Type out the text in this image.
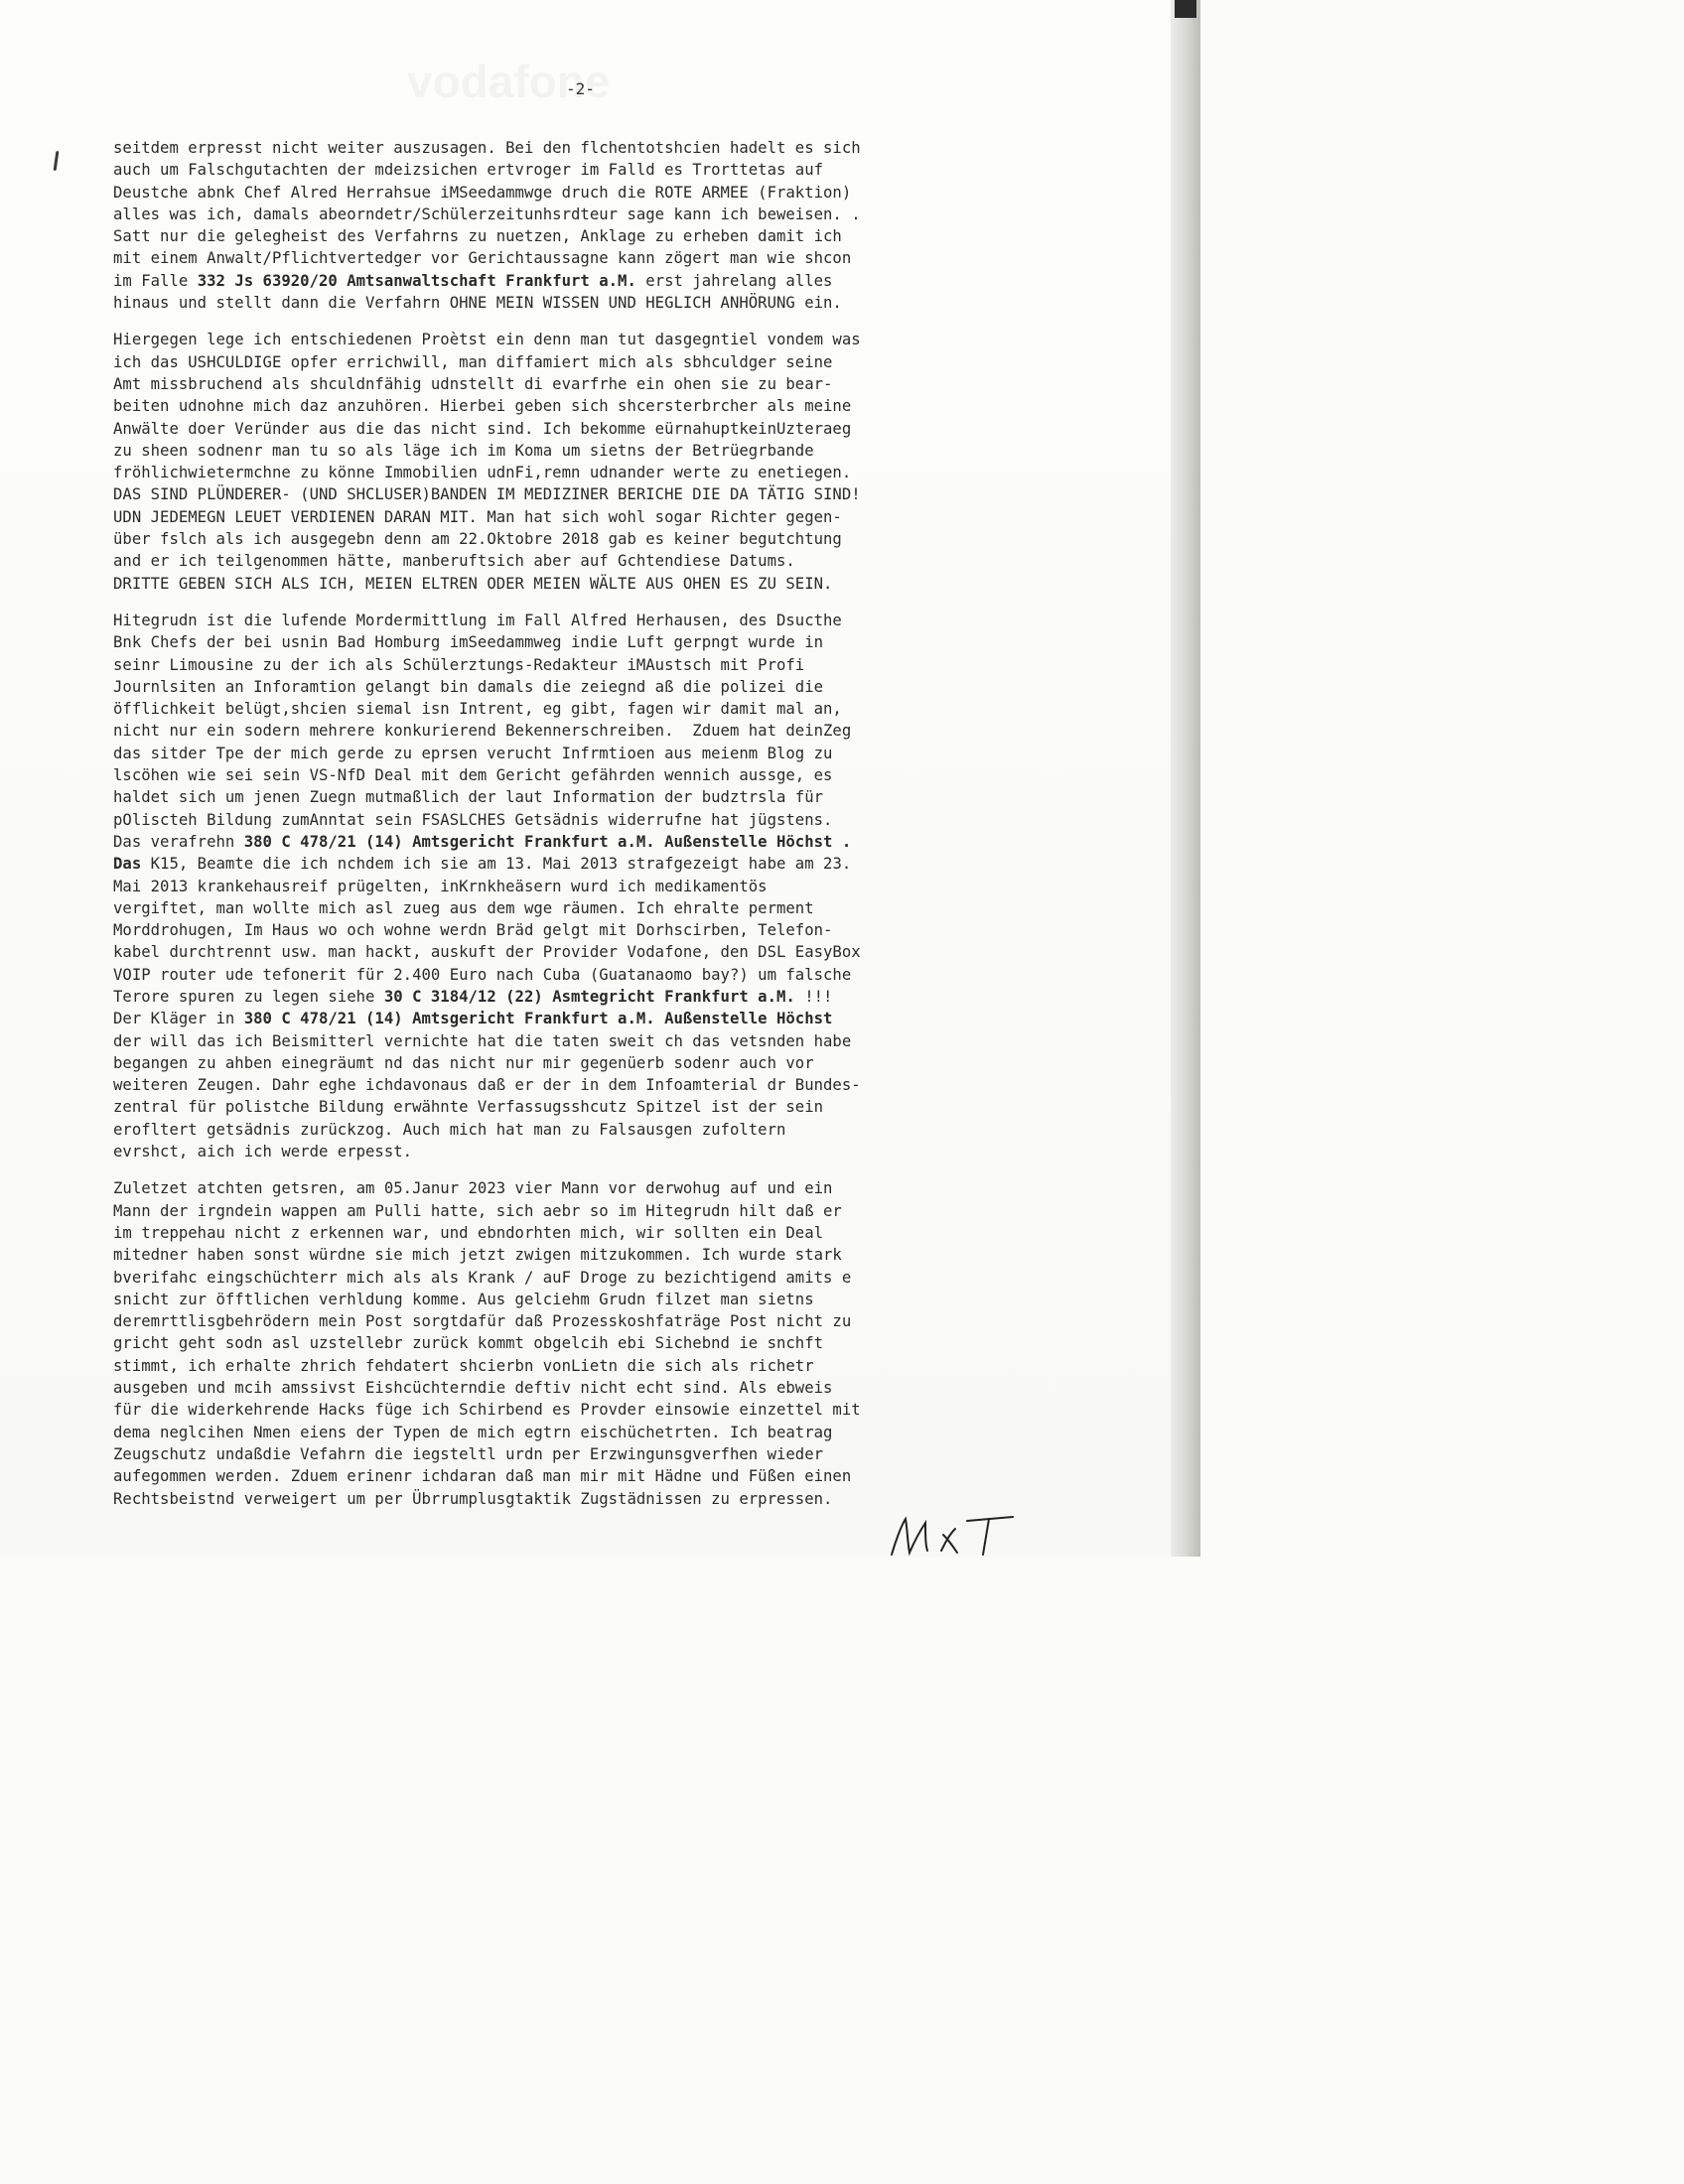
-2-
seitdem erpresst nicht weiter auszusagen. Bei den flchentotshcien hadelt es sich
auch um Falschgutachten der mdeizsichen ertvroger im Falld es Trorttetas auf
Deustche abnk Chef Alred Herrahsue iMSeedammwge druch die ROTE ARMEE (Fraktion)
alles was ich, damals abeorndetr/Schülerzeitunhsrdteur sage kann ich beweisen. .
Satt nur die gelegheist des Verfahrns zu nuetzen, Anklage zu erheben damit ich
mit einem Anwalt/Pflichtvertedger vor Gerichtaussagne kann zögert man wie shcon
im Falle 332 Js 63920/20 Amtsanwaltschaft Frankfurt a.M. erst jahrelang alles
hinaus und stellt dann die Verfahrn OHNE MEIN WISSEN UND HEGLICH ANHÖRUNG ein.
Hiergegen lege ich entschiedenen Proètst ein denn man tut dasgegntiel vondem was
ich das USHCULDIGE opfer errichwill, man diffamiert mich als sbhculdger seine
Amt missbruchend als shculdnfähig udnstellt di evarfrhe ein ohen sie zu bear-
beiten udnohne mich daz anzuhören. Hierbei geben sich shcersterbrcher als meine
Anwälte doer Veründer aus die das nicht sind. Ich bekomme eürnahuptkeinUzteraeg
zu sheen sodnenr man tu so als läge ich im Koma um sietns der Betrüegrbande
fröhlichwietermchne zu könne Immobilien udnFi,remn udnander werte zu enetiegen.
DAS SIND PLÜNDERER- (UND SHCLUSER)BANDEN IM MEDIZINER BERICHE DIE DA TÄTIG SIND!
UDN JEDEMEGN LEUET VERDIENEN DARAN MIT. Man hat sich wohl sogar Richter gegen-
über fslch als ich ausgegebn denn am 22.Oktobre 2018 gab es keiner begutchtung
and er ich teilgenommen hätte, manberuftsich aber auf Gchtendiese Datums.
DRITTE GEBEN SICH ALS ICH, MEIEN ELTREN ODER MEIEN WÄLTE AUS OHEN ES ZU SEIN.
Hitegrudn ist die lufende Mordermittlung im Fall Alfred Herhausen, des Dsucthe
Bnk Chefs der bei usnin Bad Homburg imSeedammweg indie Luft gerpngt wurde in
seinr Limousine zu der ich als Schülerztungs-Redakteur iMAustsch mit Profi
Journlsiten an Inforamtion gelangt bin damals die zeiegnd aß die polizei die
öfflichkeit belügt,shcien siemal isn Intrent, eg gibt, fagen wir damit mal an,
nicht nur ein sodern mehrere konkurierend Bekennerschreiben.  Zduem hat deinZeg
das sitder Tpe der mich gerde zu eprsen verucht Infrmtioen aus meienm Blog zu
lscöhen wie sei sein VS-NfD Deal mit dem Gericht gefährden wennich aussge, es
haldet sich um jenen Zuegn mutmaßlich der laut Information der budztrsla für
pOliscteh Bildung zumAnntat sein FSASLCHES Getsädnis widerrufne hat jügstens.
Das verafrehn 380 C 478/21 (14) Amtsgericht Frankfurt a.M. Außenstelle Höchst .
Das K15, Beamte die ich nchdem ich sie am 13. Mai 2013 strafgezeigt habe am 23.
Mai 2013 krankehausreif prügelten, inKrnkheäsern wurd ich medikamentös
vergiftet, man wollte mich asl zueg aus dem wge räumen. Ich ehralte perment
Morddrohugen, Im Haus wo och wohne werdn Bräd gelgt mit Dorhscirben, Telefon-
kabel durchtrennt usw. man hackt, auskuft der Provider Vodafone, den DSL EasyBox
VOIP router ude tefonerit für 2.400 Euro nach Cuba (Guatanaomo bay?) um falsche
Terore spuren zu legen siehe 30 C 3184/12 (22) Asmtegricht Frankfurt a.M. !!!
Der Kläger in 380 C 478/21 (14) Amtsgericht Frankfurt a.M. Außenstelle Höchst
der will das ich Beismitterl vernichte hat die taten sweit ch das vetsnden habe
begangen zu ahben einegräumt nd das nicht nur mir gegenüerb sodenr auch vor
weiteren Zeugen. Dahr eghe ichdavonaus daß er der in dem Infoamterial dr Bundes-
zentral für polistche Bildung erwähnte Verfassugsshcutz Spitzel ist der sein
erofltert getsädnis zurückzog. Auch mich hat man zu Falsausgen zufoltern
evrshct, aich ich werde erpesst.
Zuletzet atchten getsren, am 05.Janur 2023 vier Mann vor derwohug auf und ein
Mann der irgndein wappen am Pulli hatte, sich aebr so im Hitegrudn hilt daß er
im treppehau nicht z erkennen war, und ebndorhten mich, wir sollten ein Deal
mitedner haben sonst würdne sie mich jetzt zwigen mitzukommen. Ich wurde stark
bverifahc eingschüchterr mich als als Krank / auF Droge zu bezichtigend amits e
snicht zur öfftlichen verhldung komme. Aus gelciehm Grudn filzet man sietns
deremrttlisgbehrödern mein Post sorgtdafür daß Prozesskoshfaträge Post nicht zu
gricht geht sodn asl uzstellebr zurück kommt obgelcih ebi Sichebnd ie snchft
stimmt, ich erhalte zhrich fehdatert shcierbn vonLietn die sich als richetr
ausgeben und mcih amssivst Eishcüchterndie deftiv nicht echt sind. Als ebweis
für die widerkehrende Hacks füge ich Schirbend es Provder einsowie einzettel mit
dema neglcihen Nmen eiens der Typen de mich egtrn eischüchetrten. Ich beatrag
Zeugschutz undaßdie Vefahrn die iegsteltl urdn per Erzwingunsgverfhen wieder
aufegommen werden. Zduem erinenr ichdaran daß man mir mit Hädne und Füßen einen
Rechtsbeistnd verweigert um per Übrrumplusgtaktik Zugstädnissen zu erpressen.
